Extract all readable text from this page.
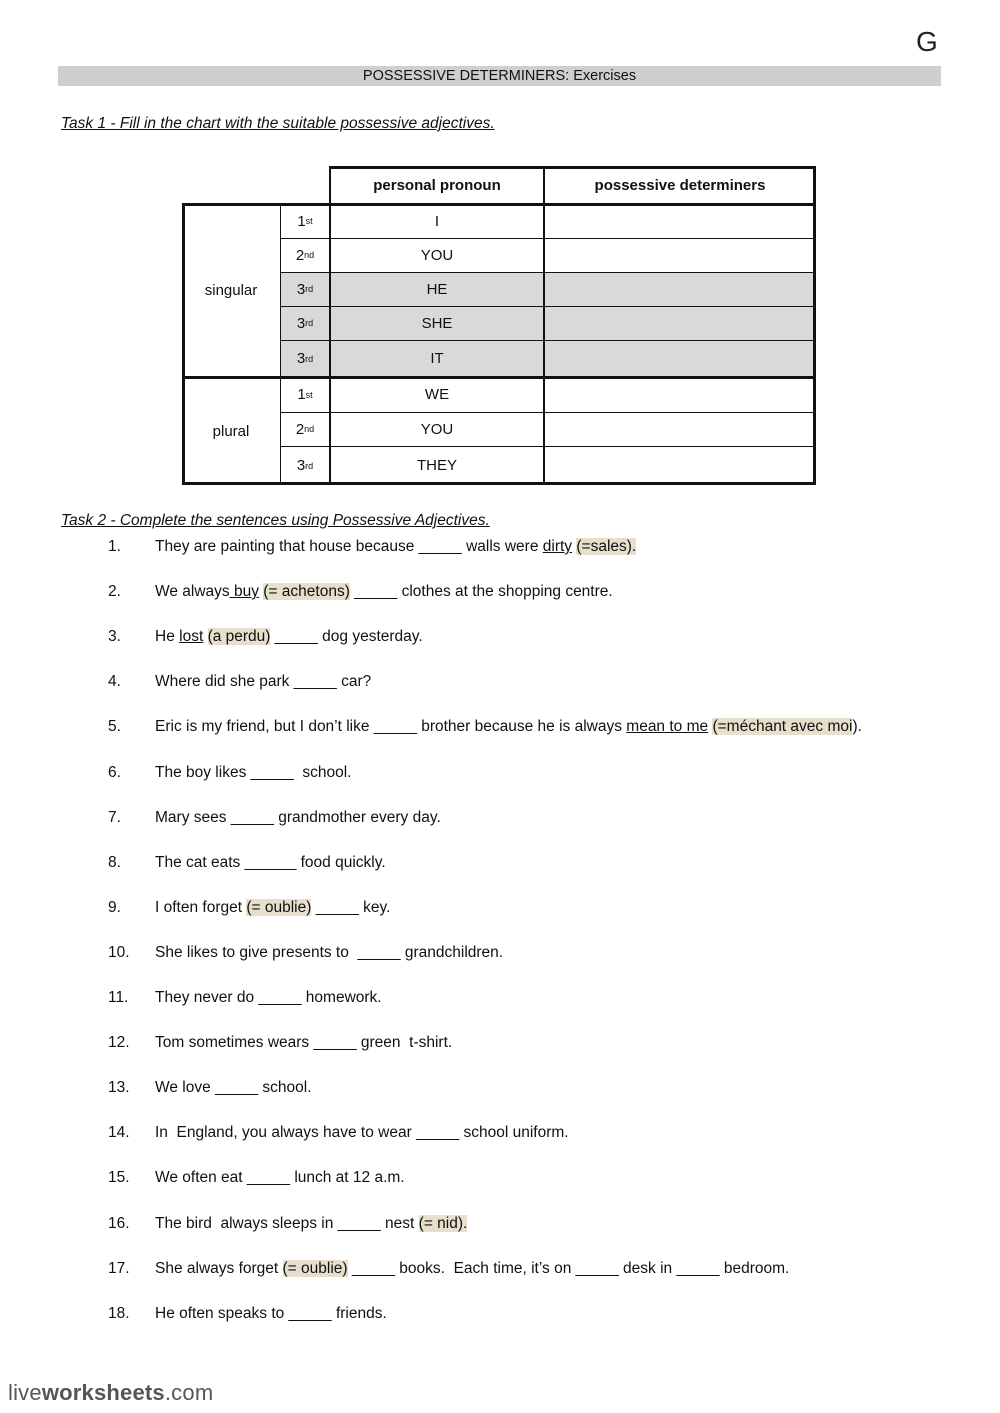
G
POSSESSIVE DETERMINERS: Exercises
Task 1 - Fill in the chart with the suitable possessive adjectives.
personal pronoun	possessive determiners
singular
plural
1 st	I
2 nd	YOU
3 rd	HE
3 rd	SHE
3 rd	IT
1 st	WE
2 nd	YOU
3 rd	THEY
Task 2 - Complete the sentences using Possessive Adjectives.
1. They are painting that house because _____ walls were dirty (=sales).
2. We always buy (= achetons) _____ clothes at the shopping centre.
3. He lost (a perdu) _____ dog yesterday.
4. Where did she park _____ car?
5. Eric is my friend, but I don’t like _____ brother because he is always mean to me (=méchant avec moi).
6. The boy likes _____  school.
7. Mary sees _____ grandmother every day.
8. The cat eats ______ food quickly.
9. I often forget (= oublie) _____ key.
10. She likes to give presents to  _____ grandchildren.
11. They never do _____ homework.
12. Tom sometimes wears _____ green  t-shirt.
13. We love _____ school.
14. In  England, you always have to wear _____ school uniform.
15. We often eat _____ lunch at 12 a.m.
16. The bird  always sleeps in _____ nest (= nid).
17. She always forget (= oublie) _____ books.  Each time, it’s on _____ desk in _____ bedroom.
18. He often speaks to _____ friends.
liveworksheets.com
